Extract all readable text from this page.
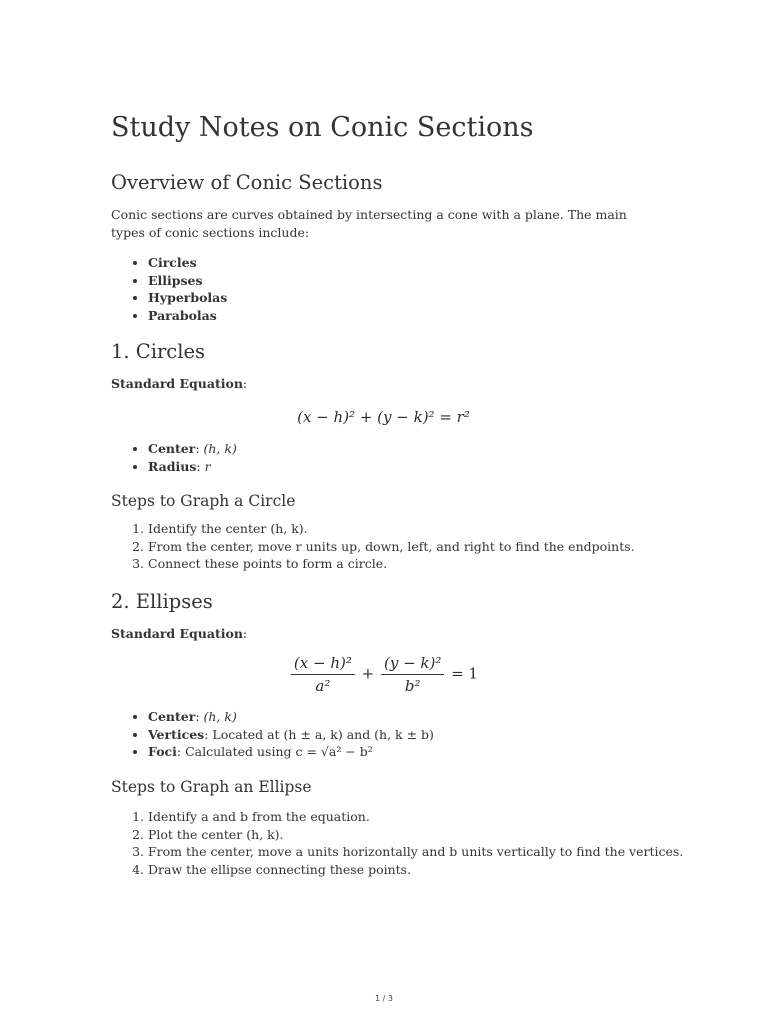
Study Notes on Conic Sections
Overview of Conic Sections

Conic sections are curves obtained by intersecting a cone with a plane. The main types of conic sections include:

• Circles
• Ellipses
• Hyperbolas
• Parabolas
1. Circles

Standard Equation:

(x − h)² + (y − k)² = r²
• Center: (h, k)
• Radius: r
Steps to Graph a Circle
1. Identify the center (h, k).
2. From the center, move r units up, down, left, and right to find the endpoints.
3. Connect these points to form a circle.
2. Ellipses

Standard Equation:

$\frac{\text{(x − h)²}}{\text{a²}} + \frac{\text{(y − k)²}}{\text{b²}} = 1$
• Center: (h, k)
• Vertices: Located at (h ± a, k) and (h, k ± b)
• Foci: Calculated using c = √a² − b²
Steps to Graph an Ellipse
1. Identify a and b from the equation.
2. Plot the center (h, k).
3. From the center, move a units horizontally and b units vertically to find the vertices.
4. Draw the ellipse connecting these points.
1 / 3
